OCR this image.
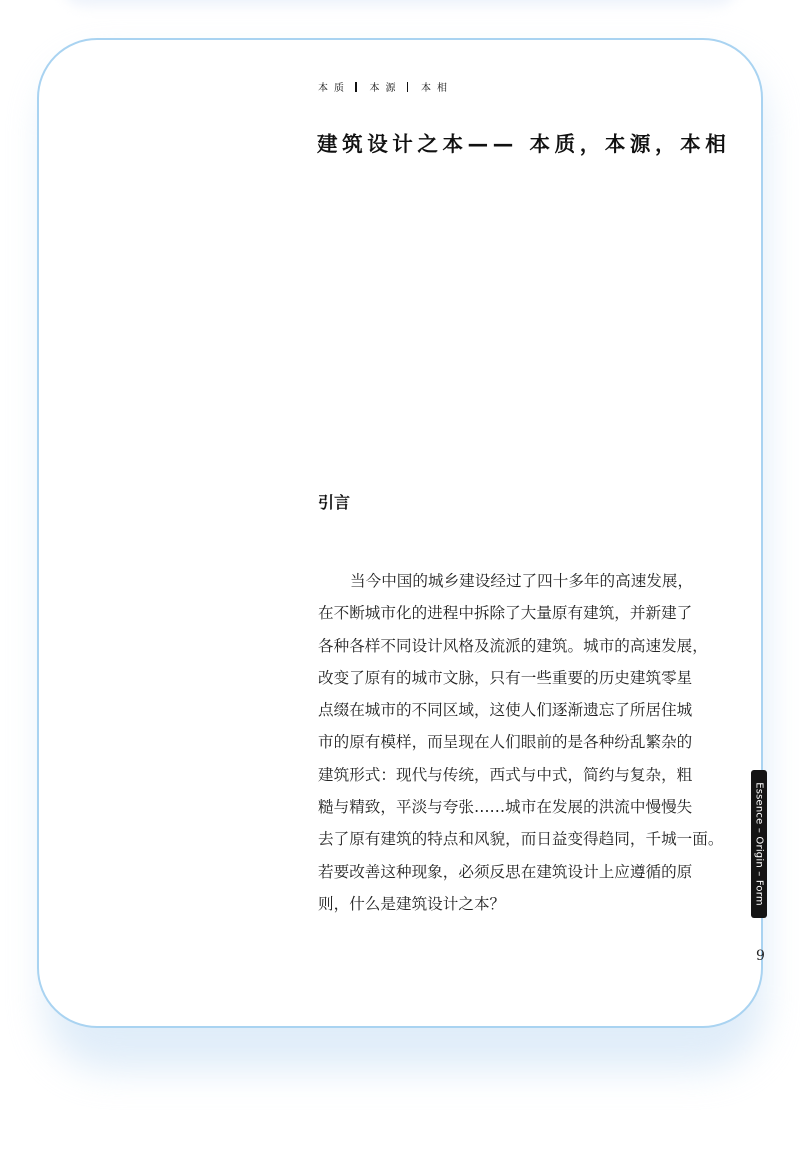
本质 本源 本相
建筑设计之本—— 本质，本源，本相
引言
当今中国的城乡建设经过了四十多年的高速发展，
在不断城市化的进程中拆除了大量原有建筑，并新建了
各种各样不同设计风格及流派的建筑。城市的高速发展，
改变了原有的城市文脉，只有一些重要的历史建筑零星
点缀在城市的不同区域，这使人们逐渐遗忘了所居住城
市的原有模样，而呈现在人们眼前的是各种纷乱繁杂的
建筑形式：现代与传统，西式与中式，简约与复杂，粗
糙与精致，平淡与夸张……城市在发展的洪流中慢慢失
去了原有建筑的特点和风貌，而日益变得趋同，千城一面。
若要改善这种现象，必须反思在建筑设计上应遵循的原
则，什么是建筑设计之本？	Essence – Origin – Form
9
